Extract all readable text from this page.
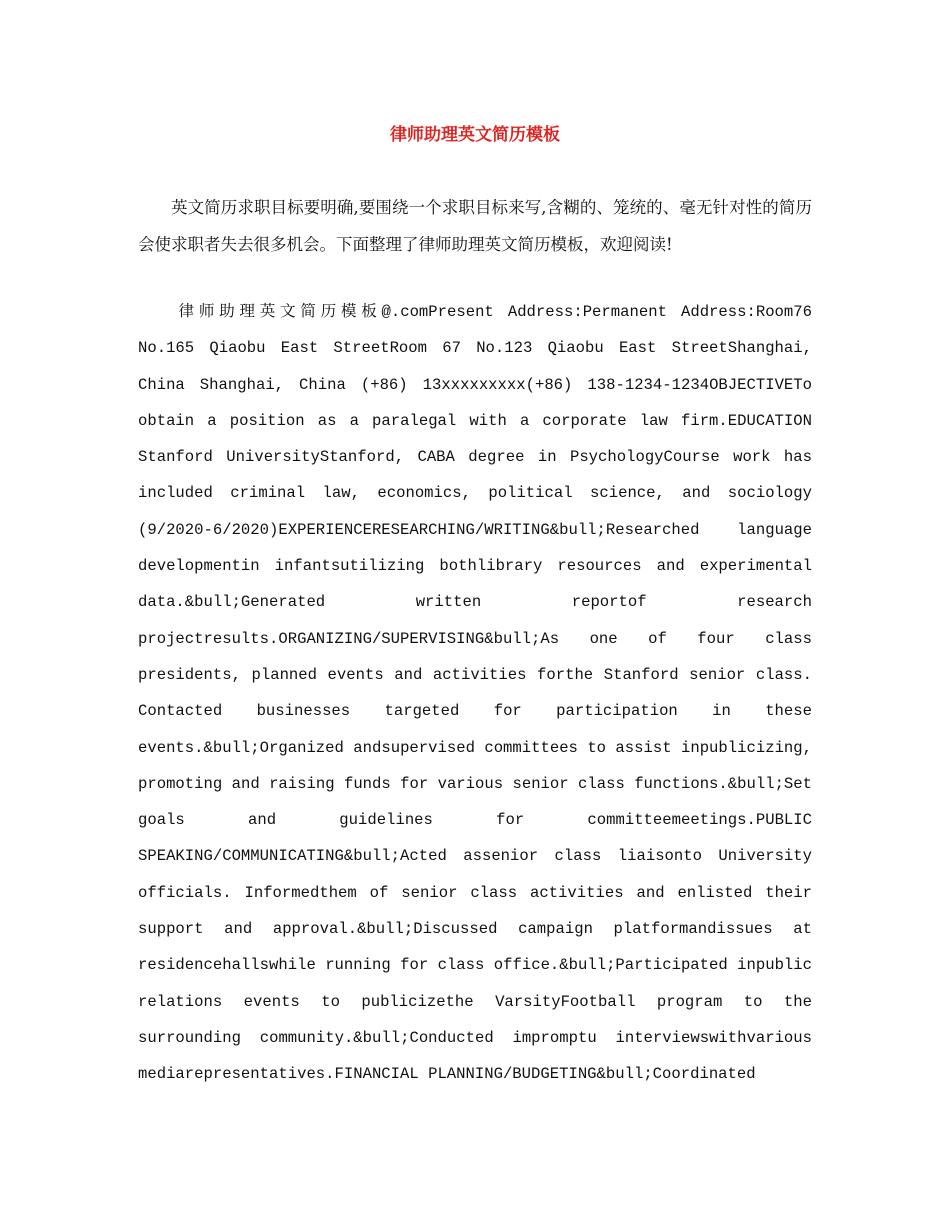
律师助理英文简历模板

英文简历求职目标要明确,要围绕一个求职目标来写,含糊的、笼统的、毫无针对性的简历会使求职者失去很多机会。下面整理了律师助理英文简历模板，欢迎阅读!

律师助理英文简历模板@.comPresent Address:Permanent Address:Room76 No.165 Qiaobu East StreetRoom 67 No.123 Qiaobu East StreetShanghai, China Shanghai, China (+86) 13xxxxxxxxx(+86) 138-1234-1234OBJECTIVETo obtain a position as a paralegal with a corporate law firm.EDUCATION Stanford UniversityStanford, CABA degree in PsychologyCourse work has included criminal law, economics, political science, and sociology (9/2020-6/2020)EXPERIENCERESEARCHING/WRITING&bull;Researched language developmentin infantsutilizing bothlibrary resources and experimental data.&bull;Generated written reportof research projectresults.ORGANIZING/SUPERVISING&bull;As one of four class presidents, planned events and activities forthe Stanford senior class. Contacted businesses targeted for participation in these events.&bull;Organized andsupervised committees to assist inpublicizing, promoting and raising funds for various senior class functions.&bull;Set goals and guidelines for committeemeetings.PUBLIC SPEAKING/COMMUNICATING&bull;Acted assenior class liaisonto University officials. Informedthem of senior class activities and enlisted their support and approval.&bull;Discussed campaign platformandissues at residencehallswhile running for class office.&bull;Participated inpublic relations events to publicizethe VarsityFootball program to the surrounding community.&bull;Conducted impromptu interviewswithvarious mediarepresentatives.FINANCIAL PLANNING/BUDGETING&bull;Coordinated
